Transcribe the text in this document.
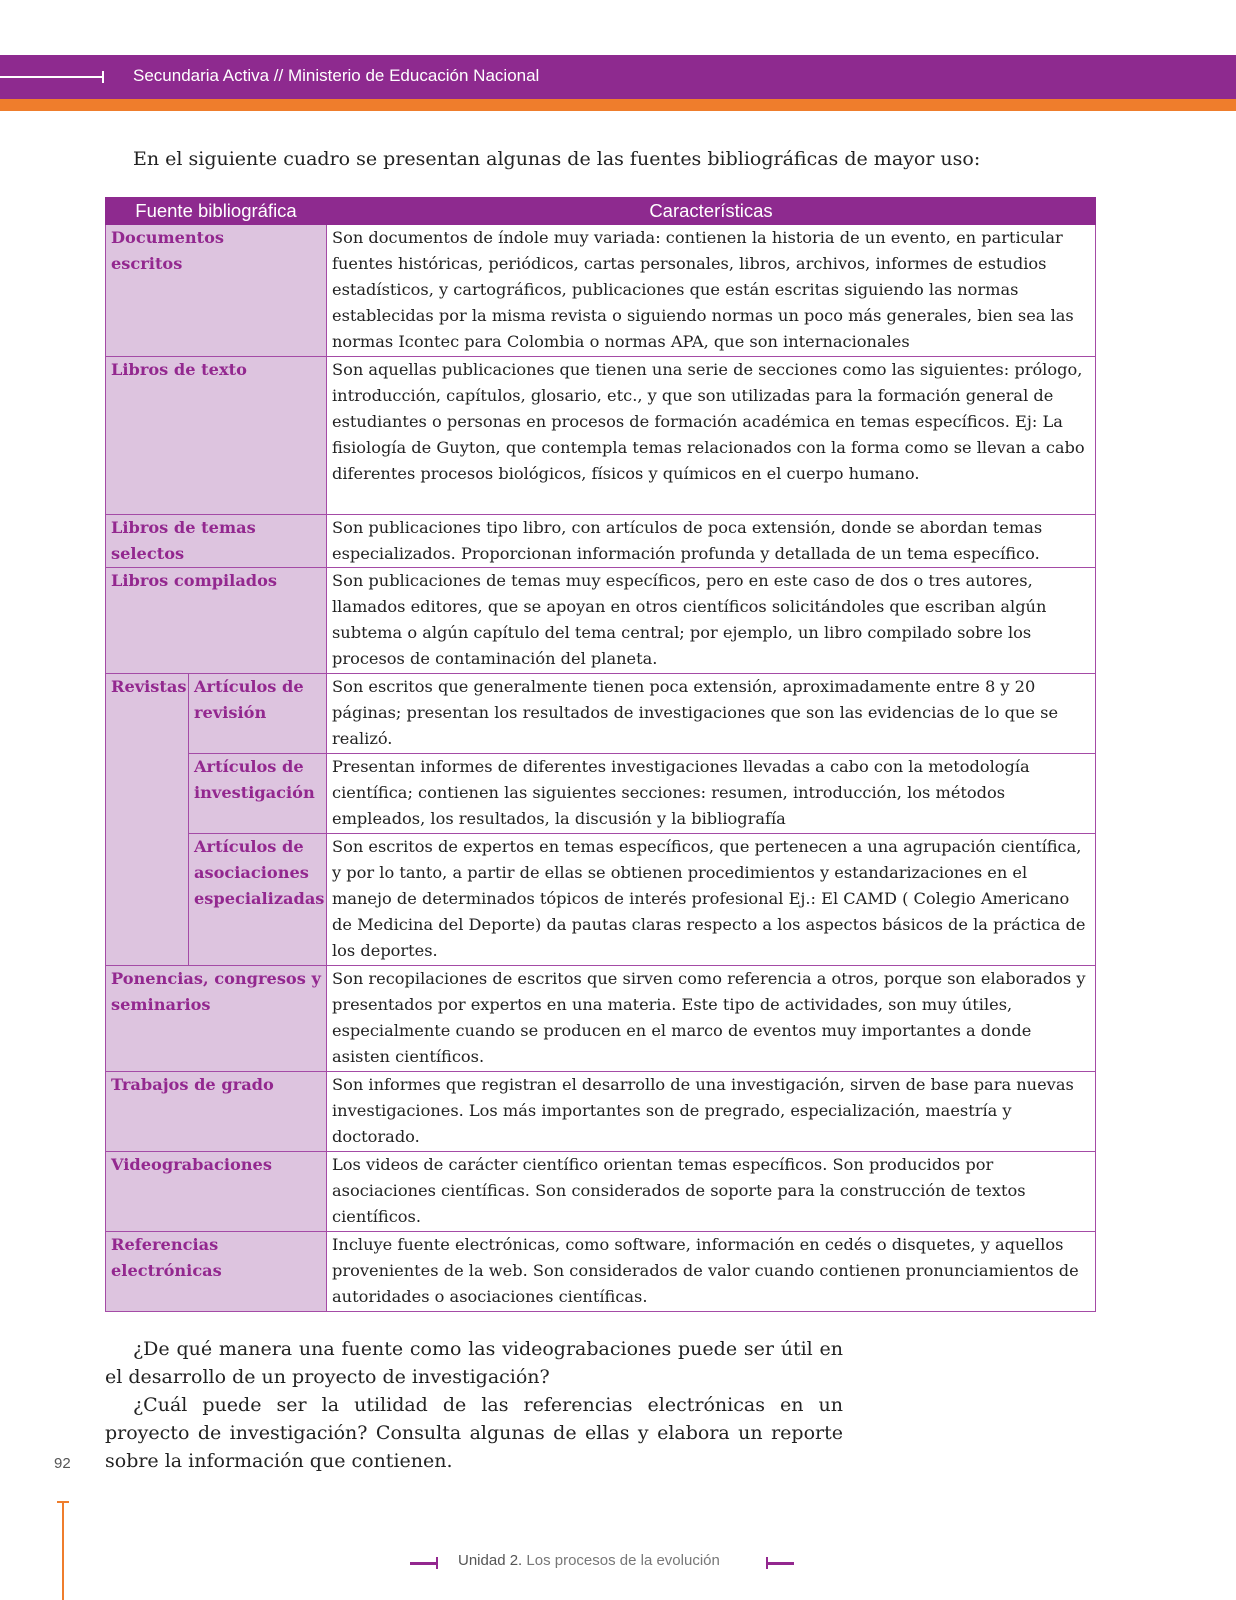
Secundaria Activa // Ministerio de Educación Nacional
En el siguiente cuadro se presentan algunas de las fuentes bibliográficas de mayor uso:
Fuente bibliográfica		Características

Documentos escritos		Son documentos de índole muy variada: contienen la historia de un evento, en particular fuentes históricas, periódicos, cartas personales, libros, archivos, informes de estudios estadísticos, y cartográficos, publicaciones que están escritas siguiendo las normas establecidas por la misma revista o siguiendo normas un poco más generales, bien sea las normas Icontec para Colombia o normas APA, que son internacionales
Libros de texto		Son aquellas publicaciones que tienen una serie de secciones como las siguientes: prólogo, introducción, capítulos, glosario, etc., y que son utilizadas para la formación general de estudiantes o personas en procesos de formación académica en temas específicos. Ej: La fisiología de Guyton, que contempla temas relacionados con la forma como se llevan a cabo diferentes procesos biológicos, físicos y químicos en el cuerpo humano.

Libros de temas selectos		Son publicaciones tipo libro, con artículos de poca extensión, donde se abordan temas especializados. Proporcionan información profunda y detallada de un tema específico.
Libros compilados		Son publicaciones de temas muy específicos, pero en este caso de dos o tres autores, llamados editores, que se apoyan en otros científicos solicitándoles que escriban algún subtema o algún capítulo del tema central; por ejemplo, un libro compilado sobre los procesos de contaminación del planeta.
Revistas	Artículos de revisión	Son escritos que generalmente tienen poca extensión, aproximadamente entre 8 y 20 páginas; presentan los resultados de investigaciones que son las evidencias de lo que se realizó.
	Artículos de investigación	Presentan informes de diferentes investigaciones llevadas a cabo con la metodología científica; contienen las siguientes secciones: resumen, introducción, los métodos empleados, los resultados, la discusión y la bibliografía
	Artículos de asociaciones especializadas	Son escritos de expertos en temas específicos, que pertenecen a una agrupación científica, y por lo tanto, a partir de ellas se obtienen procedimientos y estandarizaciones en el manejo de determinados tópicos de interés profesional Ej.: El CAMD ( Colegio Americano de Medicina del Deporte) da pautas claras respecto a los aspectos básicos de la práctica de los deportes.
Ponencias, congresos y seminarios		Son recopilaciones de escritos que sirven como referencia a otros, porque son elaborados y presentados por expertos en una materia. Este tipo de actividades, son muy útiles, especialmente cuando se producen en el marco de eventos muy importantes a donde asisten científicos.
Trabajos de grado		Son informes que registran el desarrollo de una investigación, sirven de base para nuevas investigaciones. Los más importantes son de pregrado, especialización, maestría y doctorado.
Videograbaciones		Los videos de carácter científico orientan temas específicos. Son producidos por asociaciones científicas. Son considerados de soporte para la construcción de textos científicos.
Referencias electrónicas		Incluye fuente electrónicas, como software, información en cedés o disquetes, y aquellos provenientes de la web. Son considerados de valor cuando contienen pronunciamientos de autoridades o asociaciones científicas.

¿De qué manera una fuente como las videograbaciones puede ser útil en el desarrollo de un proyecto de investigación?

¿Cuál puede ser la utilidad de las referencias electrónicas en un proyecto de investigación? Consulta algunas de ellas y elabora un reporte sobre la información que contienen.

92
Unidad 2. Los procesos de la evolución
